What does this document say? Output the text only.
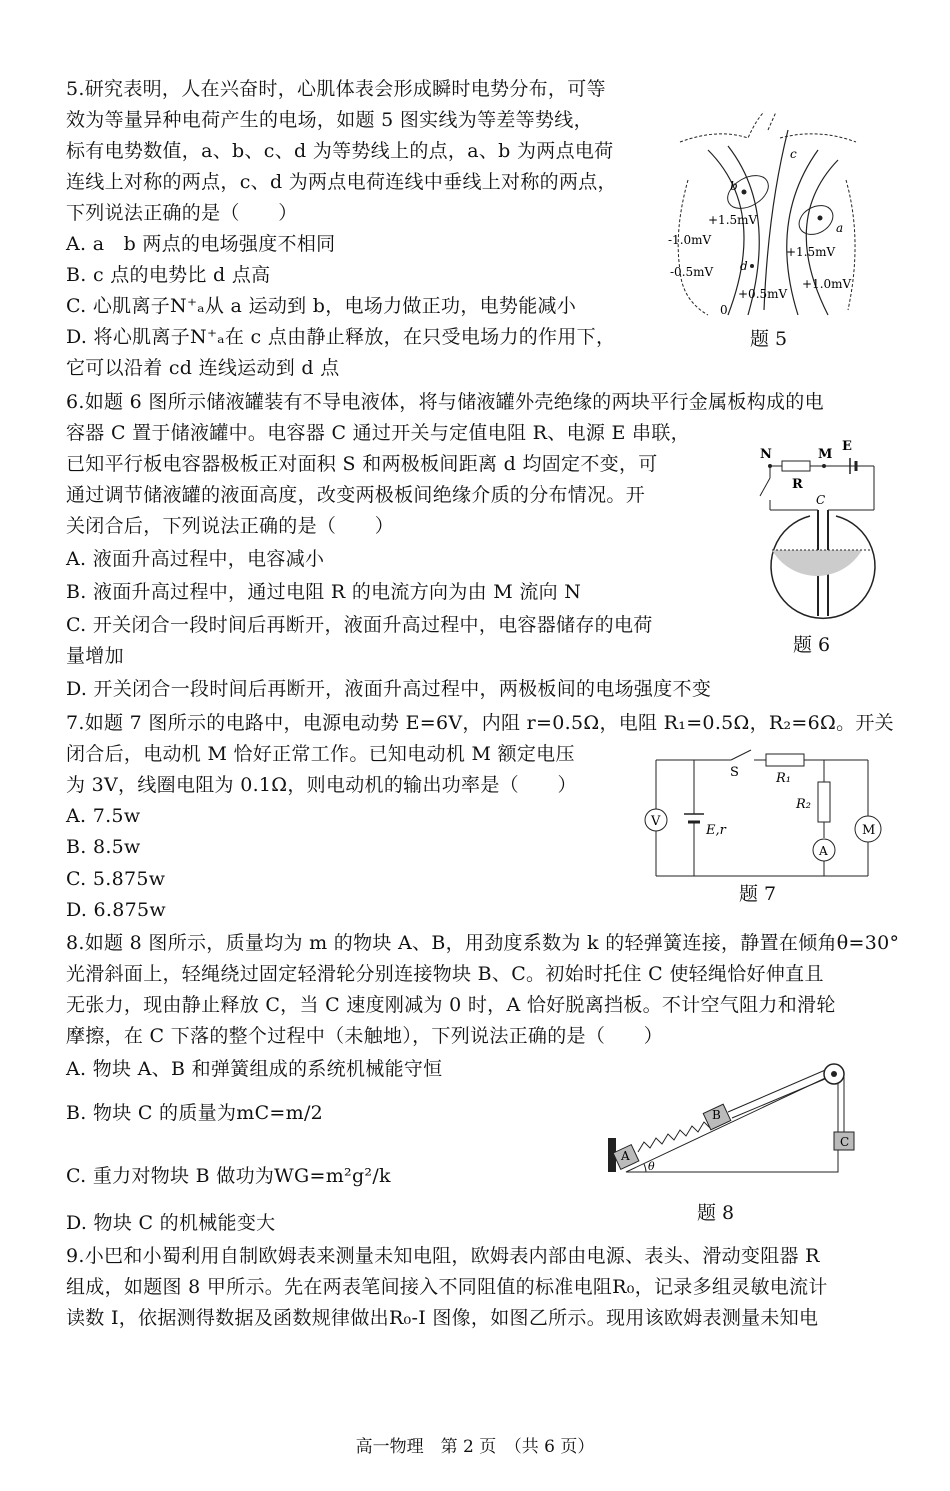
5.研究表明，人在兴奋时，心肌体表会形成瞬时电势分布，可等
效为等量异种电荷产生的电场，如题 5 图实线为等差等势线，
标有电势数值，a、b、c、d 为等势线上的点，a、b 为两点电荷
连线上对称的两点，c、d 为两点电荷连线中垂线上对称的两点，
下列说法正确的是（　　）
A. a　b 两点的电场强度不相同
B. c 点的电势比 d 点高
C. 心肌离子N⁺ₐ从 a 运动到 b，电场力做正功，电势能减小
D. 将心肌离子N⁺ₐ在 c 点由静止释放，在只受电场力的作用下，
它可以沿着 cd 连线运动到 d 点
b
a
c
d
+1.5mV
-1.0mV
-0.5mV
+1.5mV
+1.0mV
+0.5mV
0
题 5
6.如题 6 图所示储液罐装有不导电液体，将与储液罐外壳绝缘的两块平行金属板构成的电
容器 C 置于储液罐中。电容器 C 通过开关与定值电阻 R、电源 E 串联，
已知平行板电容器极板正对面积 S 和两极板间距离 d 均固定不变，可
通过调节储液罐的液面高度，改变两极板间绝缘介质的分布情况。开
关闭合后，下列说法正确的是（　　）
A. 液面升高过程中，电容减小
B. 液面升高过程中，通过电阻 R 的电流方向为由 M 流向 N
C. 开关闭合一段时间后再断开，液面升高过程中，电容器储存的电荷
量增加
D. 开关闭合一段时间后再断开，液面升高过程中，两极板间的电场强度不变
N	M
E
R
C
题 6
7.如题 7 图所示的电路中，电源电动势 E=6V，内阻 r=0.5Ω，电阻 R₁=0.5Ω，R₂=6Ω。开关
闭合后，电动机 M 恰好正常工作。已知电动机 M 额定电压
为 3V，线圈电阻为 0.1Ω，则电动机的输出功率是（　　）
A. 7.5w
B. 8.5w
C. 5.875w
D. 6.875w
S	R₁
R₂
M
V
A
E,r
题 7
8.如题 8 图所示，质量均为 m 的物块 A、B，用劲度系数为 k 的轻弹簧连接，静置在倾角θ=30°
光滑斜面上，轻绳绕过固定轻滑轮分别连接物块 B、C。初始时托住 C 使轻绳恰好伸直且
无张力，现由静止释放 C，当 C 速度刚减为 0 时，A 恰好脱离挡板。不计空气阻力和滑轮
摩擦，在 C 下落的整个过程中（未触地），下列说法正确的是（　　）
A. 物块 A、B 和弹簧组成的系统机械能守恒
B. 物块 C 的质量为mC=m/2
C. 重力对物块 B 做功为WG=m²g²/k
D. 物块 C 的机械能变大
A
B
C
θ
题 8
9.小巴和小蜀利用自制欧姆表来测量未知电阻，欧姆表内部由电源、表头、滑动变阻器 R
组成，如题图 8 甲所示。先在两表笔间接入不同阻值的标准电阻R₀，记录多组灵敏电流计
读数 I，依据测得数据及函数规律做出R₀-I 图像，如图乙所示。现用该欧姆表测量未知电
高一物理　第 2 页　（共 6 页）
